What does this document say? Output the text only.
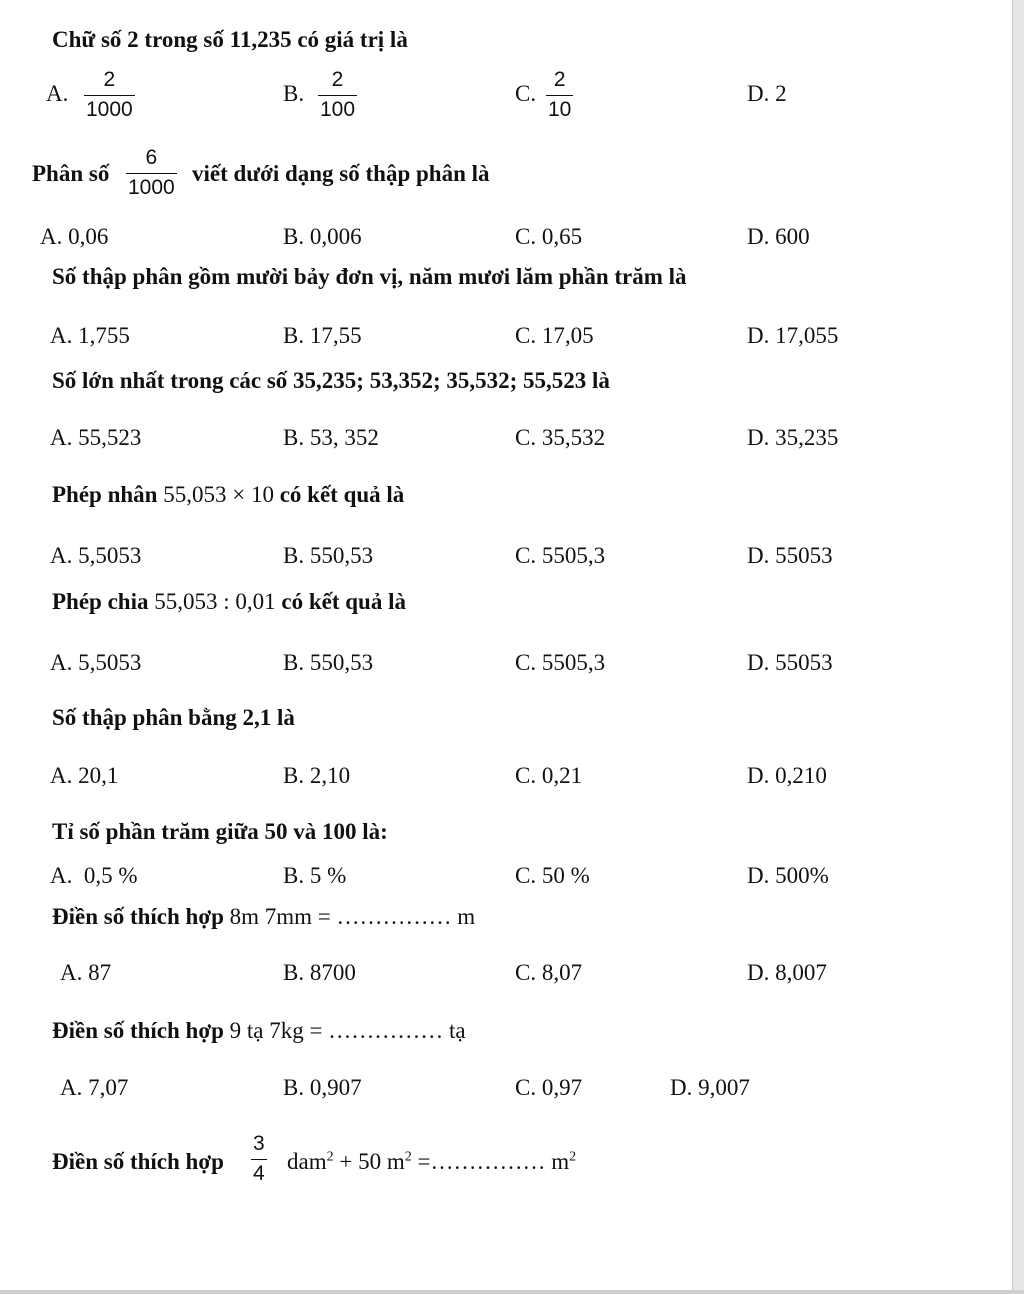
Chữ số 2 trong số 11,235 có giá trị là
A. $\frac{2}{1000}$	B. $\frac{2}{100}$	C. $\frac{2}{10}$	D. 2
Phân số $\frac{6}{1000}$ viết dưới dạng số thập phân là
A. 0,06	B. 0,006	C. 0,65	D. 600
Số thập phân gồm mười bảy đơn vị, năm mươi lăm phần trăm là
A. 1,755	B. 17,55	C. 17,05	D. 17,055
Số lớn nhất trong các số 35,235; 53,352; 35,532; 55,523 là
A. 55,523	B. 53, 352	C. 35,532	D. 35,235
Phép nhân 55,053 × 10 có kết quả là
A. 5,5053	B. 550,53	C. 5505,3	D. 55053
Phép chia 55,053 : 0,01 có kết quả là
A. 5,5053	B. 550,53	C. 5505,3	D. 55053
Số thập phân bằng 2,1 là
A. 20,1	B. 2,10	C. 0,21	D. 0,210
Tỉ số phần trăm giữa 50 và 100 là:
A.  0,5 %	B. 5 %	C. 50 %	D. 500%
Điền số thích hợp 8m 7mm = …………… m
A. 87	B. 8700	C. 8,07	D. 8,007
Điền số thích hợp 9 tạ 7kg = …………… tạ
A. 7,07	B. 0,907	C. 0,97	D. 9,007
Điền số thích hợp $\frac{3}{4} dam^2 + 50$ $m^2$ =…………… $m^2$
